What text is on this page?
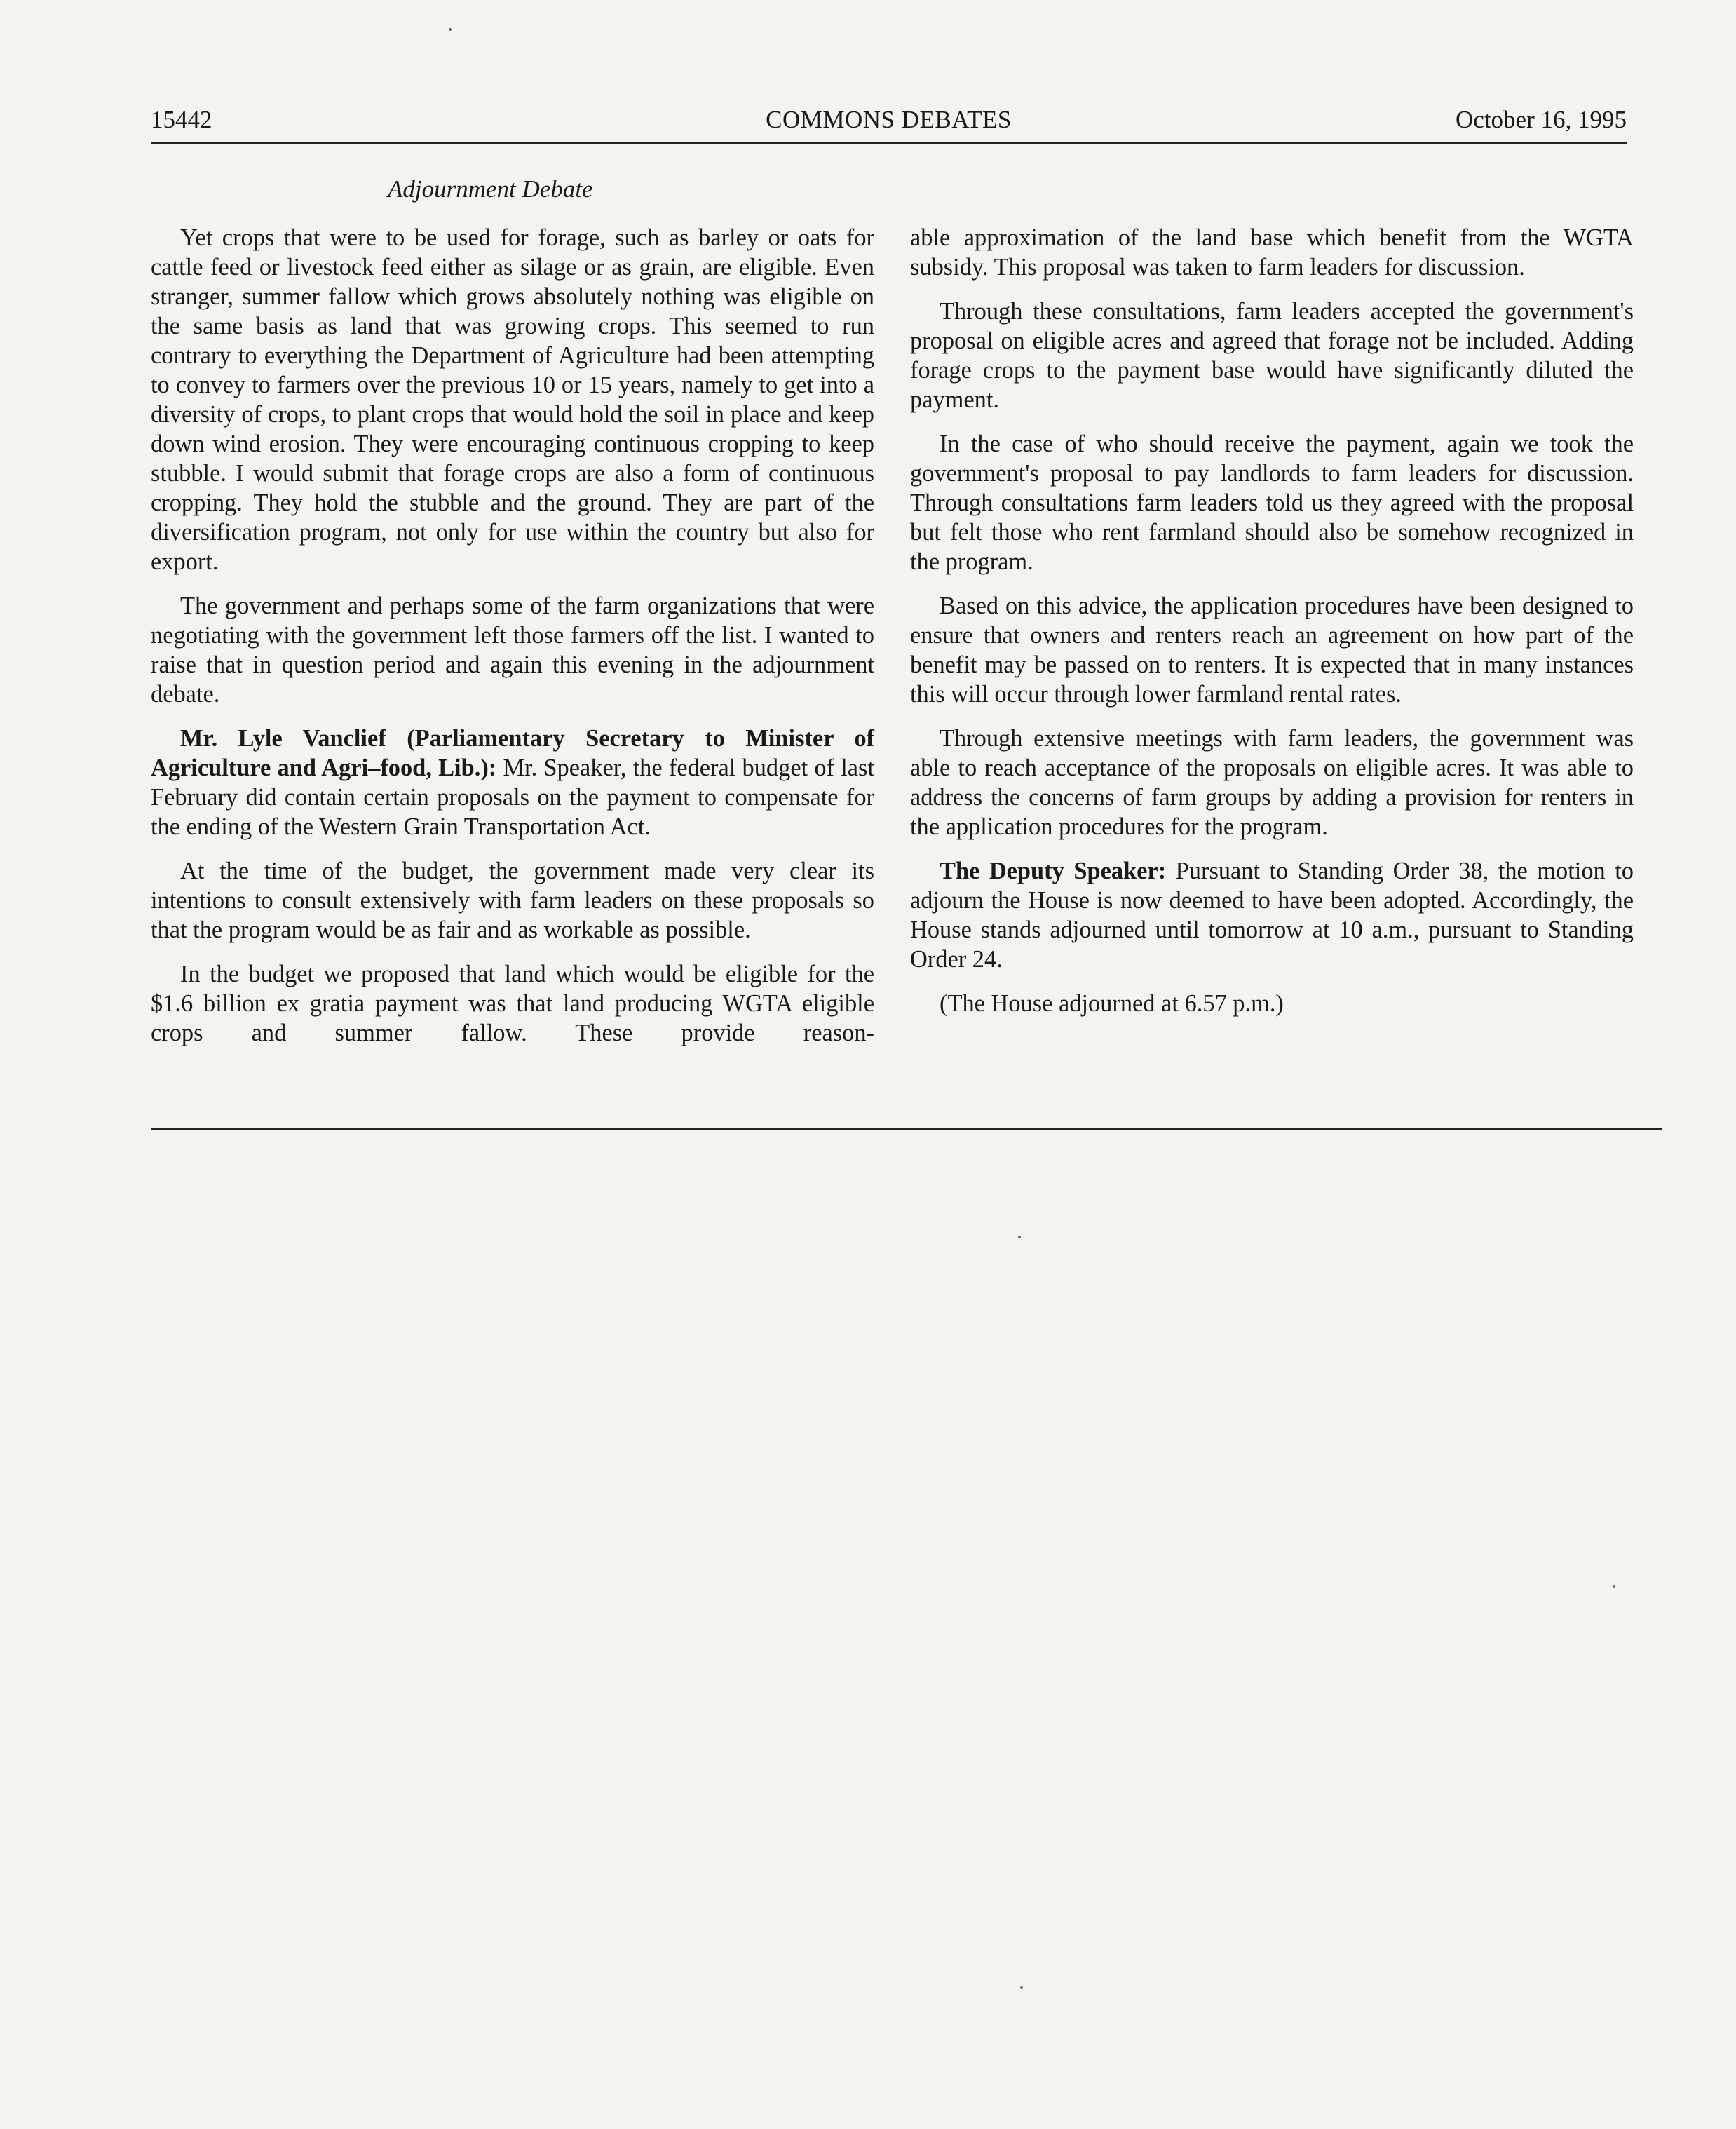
15442	COMMONS DEBATES	October 16, 1995
Adjournment Debate

Yet crops that were to be used for forage, such as barley or oats for cattle feed or livestock feed either as silage or as grain, are eligible. Even stranger, summer fallow which grows absolutely nothing was eligible on the same basis as land that was growing crops. This seemed to run contrary to everything the Department of Agriculture had been attempting to convey to farmers over the previous 10 or 15 years, namely to get into a diversity of crops, to plant crops that would hold the soil in place and keep down wind erosion. They were encouraging continuous cropping to keep stubble. I would submit that forage crops are also a form of continuous cropping. They hold the stubble and the ground. They are part of the diversification program, not only for use within the country but also for export.

The government and perhaps some of the farm organizations that were negotiating with the government left those farmers off the list. I wanted to raise that in question period and again this evening in the adjournment debate.

Mr. Lyle Vanclief (Parliamentary Secretary to Minister of Agriculture and Agri–food, Lib.): Mr. Speaker, the federal budget of last February did contain certain proposals on the payment to compensate for the ending of the Western Grain Transportation Act.

At the time of the budget, the government made very clear its intentions to consult extensively with farm leaders on these proposals so that the program would be as fair and as workable as possible.

In the budget we proposed that land which would be eligible for the $1.6 billion ex gratia payment was that land producing WGTA eligible crops and summer fallow. These provide reason-

able approximation of the land base which benefit from the WGTA subsidy. This proposal was taken to farm leaders for discussion.

Through these consultations, farm leaders accepted the government's proposal on eligible acres and agreed that forage not be included. Adding forage crops to the payment base would have significantly diluted the payment.

In the case of who should receive the payment, again we took the government's proposal to pay landlords to farm leaders for discussion. Through consultations farm leaders told us they agreed with the proposal but felt those who rent farmland should also be somehow recognized in the program.

Based on this advice, the application procedures have been designed to ensure that owners and renters reach an agreement on how part of the benefit may be passed on to renters. It is expected that in many instances this will occur through lower farmland rental rates.

Through extensive meetings with farm leaders, the government was able to reach acceptance of the proposals on eligible acres. It was able to address the concerns of farm groups by adding a provision for renters in the application procedures for the program.

The Deputy Speaker: Pursuant to Standing Order 38, the motion to adjourn the House is now deemed to have been adopted. Accordingly, the House stands adjourned until tomorrow at 10 a.m., pursuant to Standing Order 24.

(The House adjourned at 6.57 p.m.)
